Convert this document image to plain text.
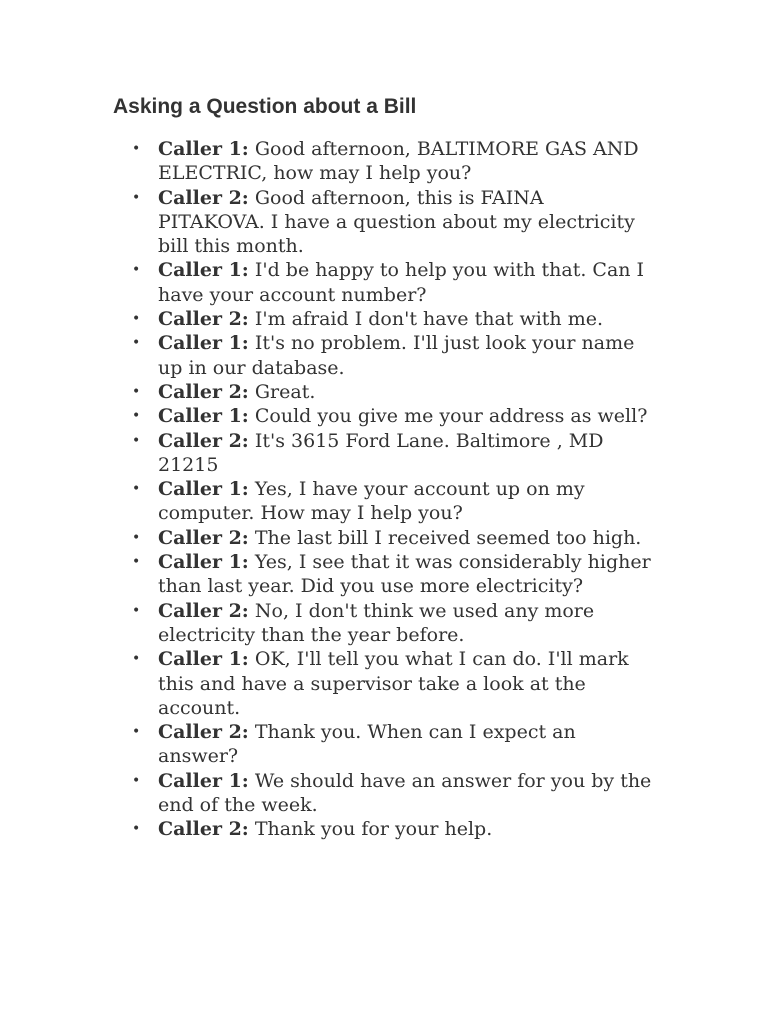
Asking a Question about a Bill
• Caller 1: Good afternoon, BALTIMORE GAS AND ELECTRIC, how may I help you?
• Caller 2: Good afternoon, this is FAINA PITAKOVA. I have a question about my electricity bill this month.
• Caller 1: I'd be happy to help you with that. Can I have your account number?
• Caller 2: I'm afraid I don't have that with me.
• Caller 1: It's no problem. I'll just look your name up in our database.
• Caller 2: Great.
• Caller 1: Could you give me your address as well?
• Caller 2: It's 3615 Ford Lane. Baltimore , MD 21215
• Caller 1: Yes, I have your account up on my computer. How may I help you?
• Caller 2: The last bill I received seemed too high.
• Caller 1: Yes, I see that it was considerably higher than last year. Did you use more electricity?
• Caller 2: No, I don't think we used any more electricity than the year before.
• Caller 1: OK, I'll tell you what I can do. I'll mark this and have a supervisor take a look at the account.
• Caller 2: Thank you. When can I expect an answer?
• Caller 1: We should have an answer for you by the end of the week.
• Caller 2: Thank you for your help.
